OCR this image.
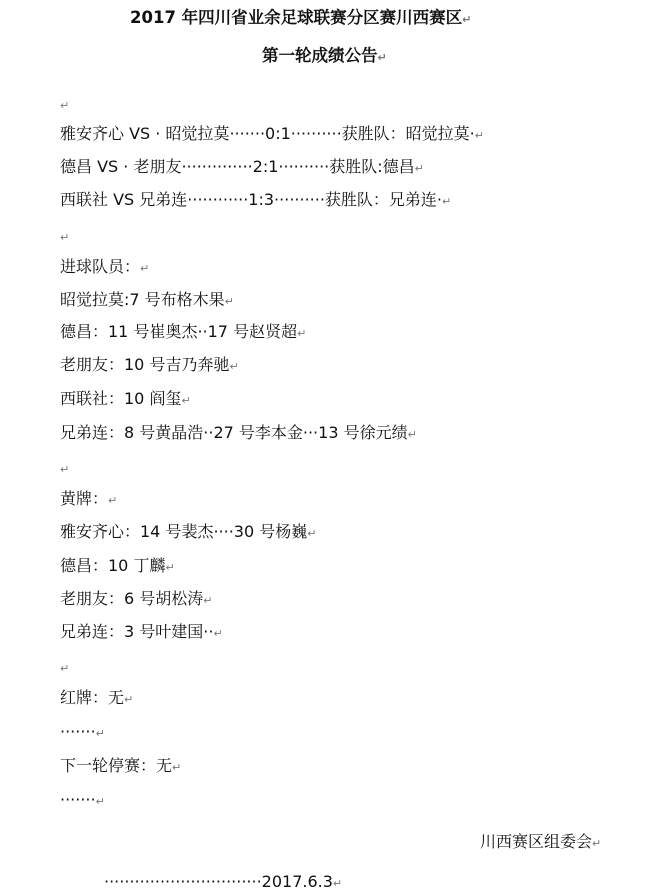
2017 年四川省业余足球联赛分区赛川西赛区↵
第一轮成绩公告↵
↵
雅安齐心 VS · 昭觉拉莫·······0:1··········获胜队：昭觉拉莫·↵
德昌 VS · 老朋友··············2:1··········获胜队:德昌↵
西联社 VS 兄弟连············1:3··········获胜队：兄弟连·↵
↵
进球队员：↵
昭觉拉莫:7 号布格木果↵
德昌：11 号崔奥杰··17 号赵贤超↵
老朋友：10 号吉乃奔驰↵
西联社：10 阎玺↵
兄弟连：8 号黄晶浩··27 号李本金···13 号徐元绩↵
↵
黄牌：↵
雅安齐心：14 号裴杰····30 号杨巍↵
德昌：10 丁麟↵
老朋友：6 号胡松涛↵
兄弟连：3 号叶建国··↵
↵
红牌：无↵
·······↵
下一轮停赛：无↵
·······↵
川西赛区组委会↵
·······························2017.6.3↵
